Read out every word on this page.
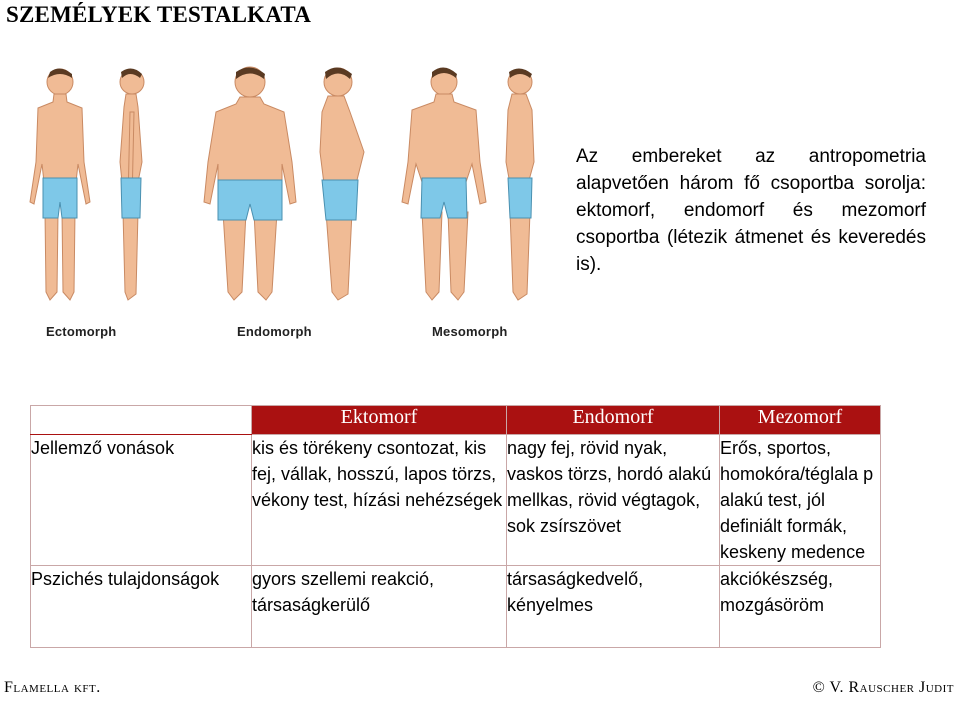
SZEMÉLYEK TESTALKATA
Ectomorph	Endomorph	Mesomorph
Az embereket az antropometria alapvetően három fő csoportba sorolja: ektomorf, endomorf és mezomorf csoportba (létezik átmenet és keveredés is).
	Ektomorf	Endomorf	Mezomorf
Jellemző vonások	kis és törékeny csontozat, kis fej, vállak, hosszú, lapos törzs, vékony test, hízási nehézségek	nagy fej, rövid nyak, vaskos törzs, hordó alakú mellkas, rövid végtagok, sok zsírszövet	Erős, sportos, homokóra/téglala p alakú test, jól definiált formák, keskeny medence
Pszichés tulajdonságok	gyors szellemi reakció, társaságkerülő	társaságkedvelő, kényelmes	akciókészség, mozgásöröm
Flamella kft.	© V. Rauscher Judit
